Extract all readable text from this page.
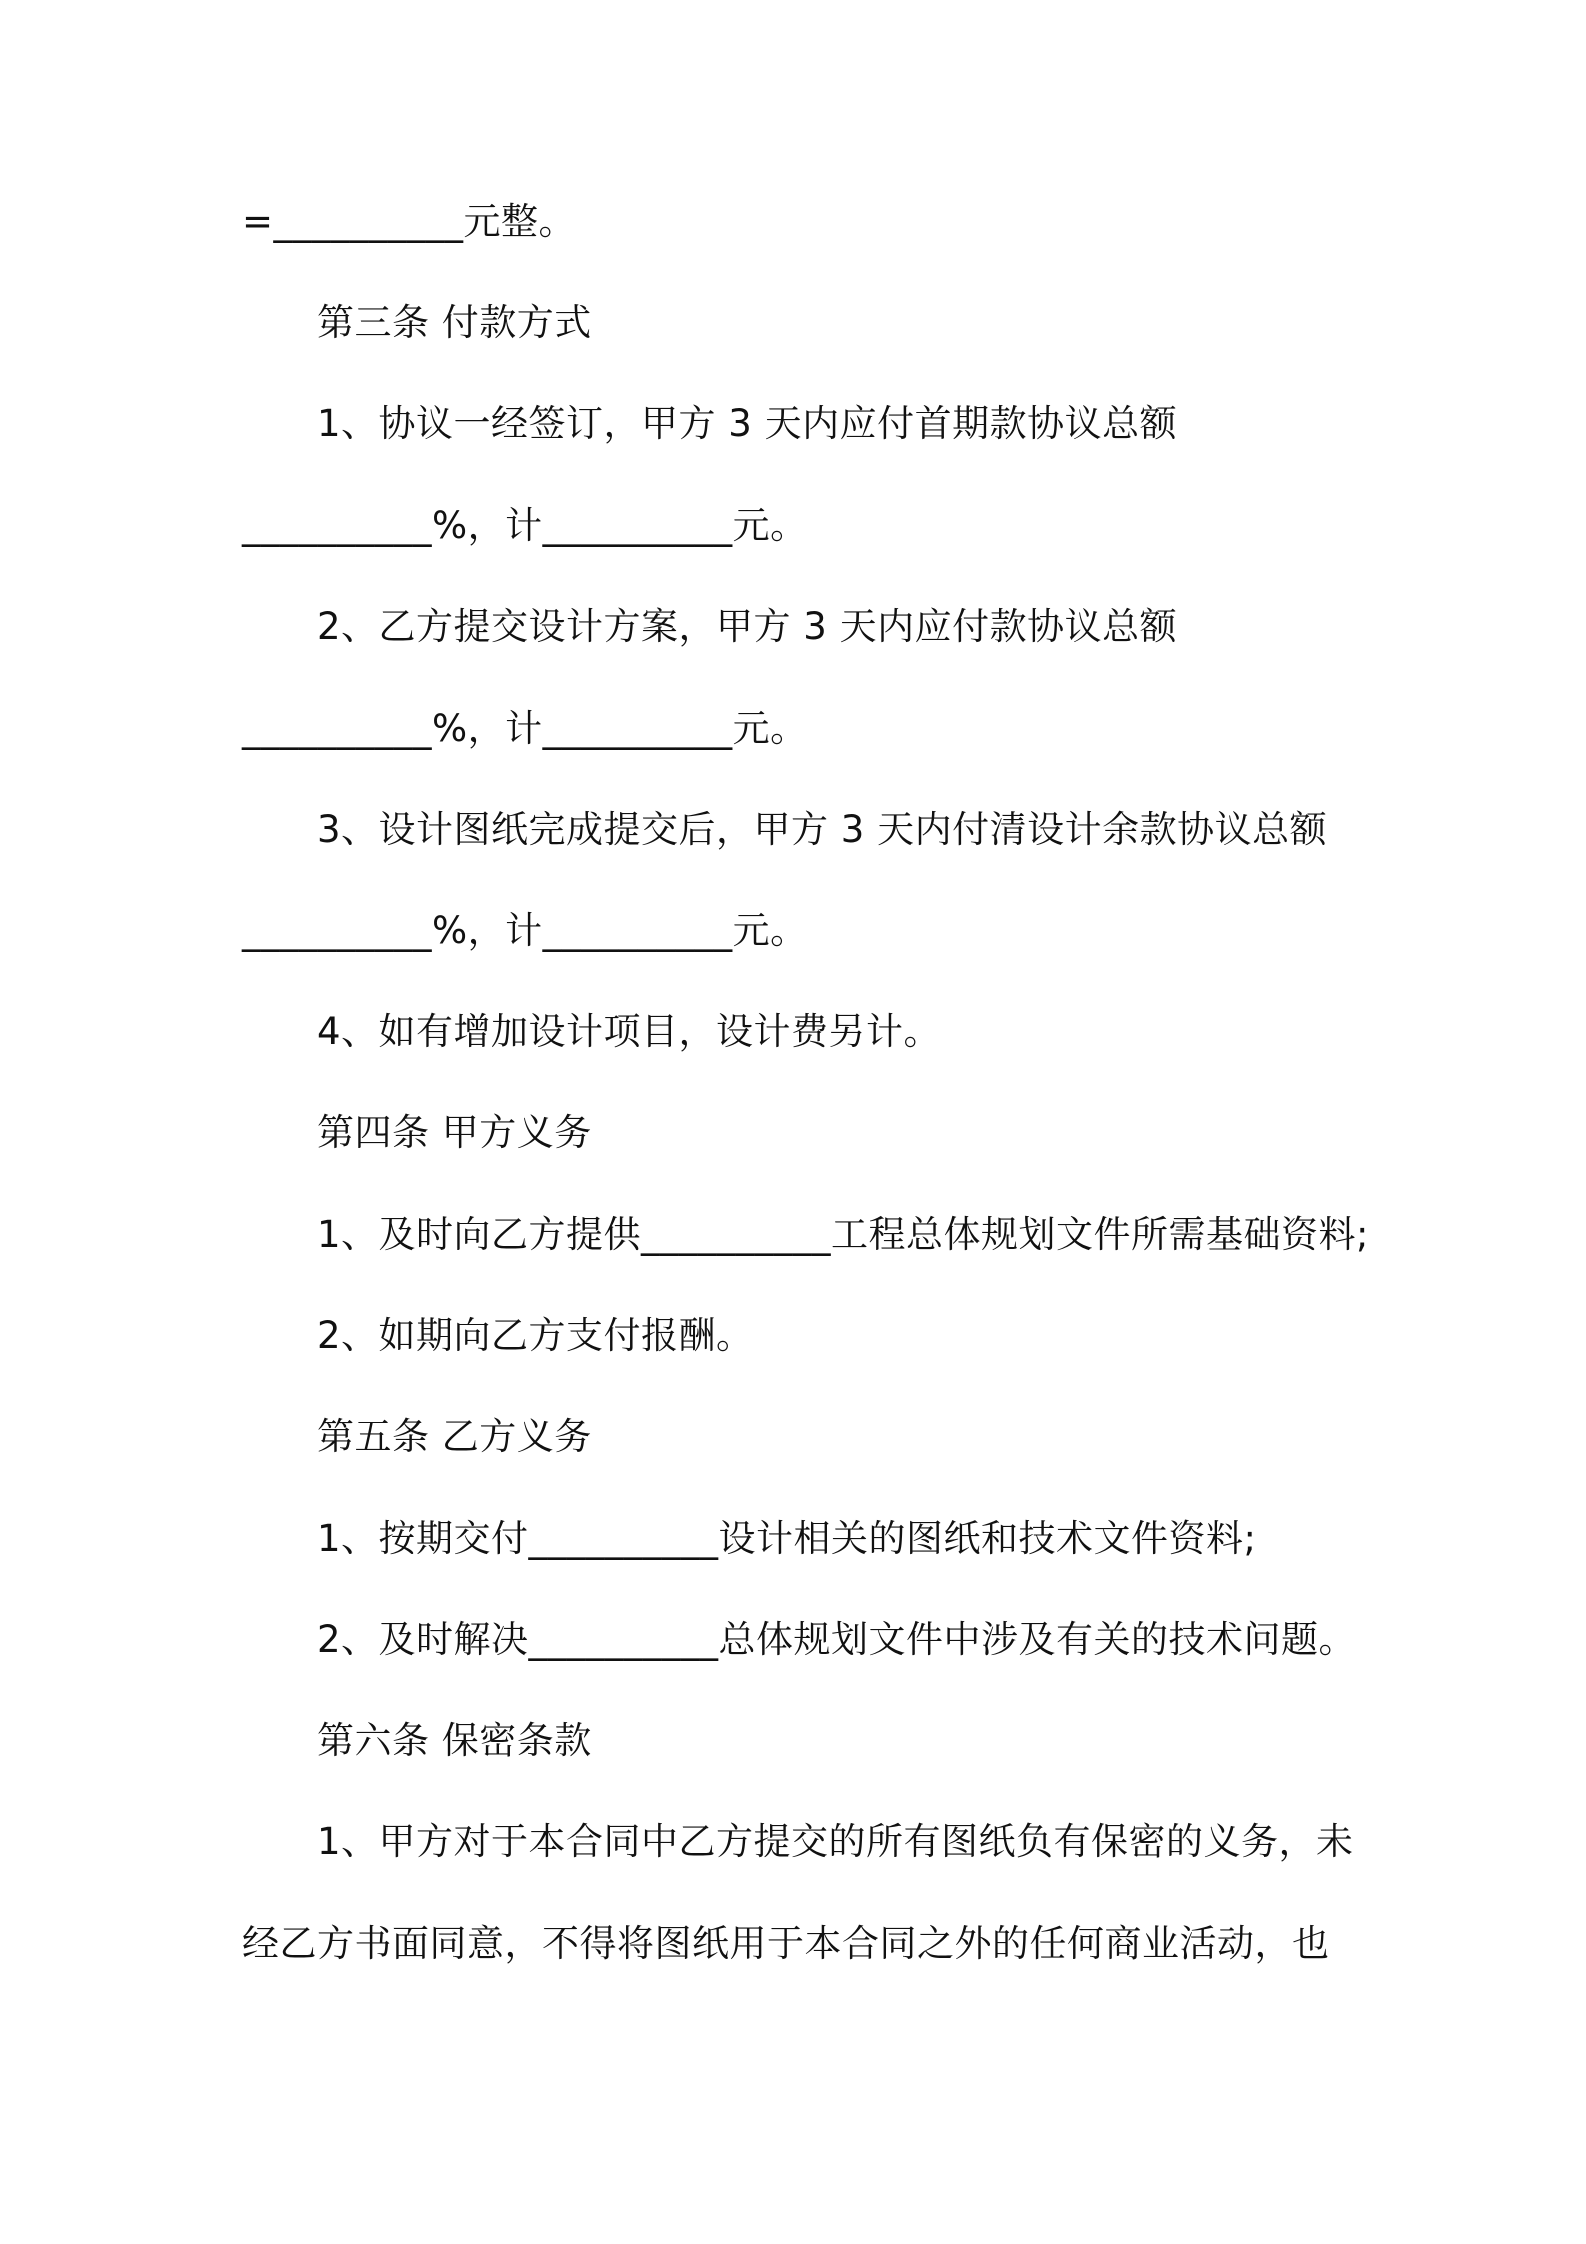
=__________元整。
第三条 付款方式
1、协议一经签订，甲方 3 天内应付首期款协议总额
__________%，计__________元。
2、乙方提交设计方案，甲方 3 天内应付款协议总额
__________%，计__________元。
3、设计图纸完成提交后，甲方 3 天内付清设计余款协议总额
__________%，计__________元。
4、如有增加设计项目，设计费另计。
第四条 甲方义务
1、及时向乙方提供__________工程总体规划文件所需基础资料;
2、如期向乙方支付报酬。
第五条 乙方义务
1、按期交付__________设计相关的图纸和技术文件资料;
2、及时解决__________总体规划文件中涉及有关的技术问题。
第六条 保密条款
1、甲方对于本合同中乙方提交的所有图纸负有保密的义务，未
经乙方书面同意，不得将图纸用于本合同之外的任何商业活动，也
